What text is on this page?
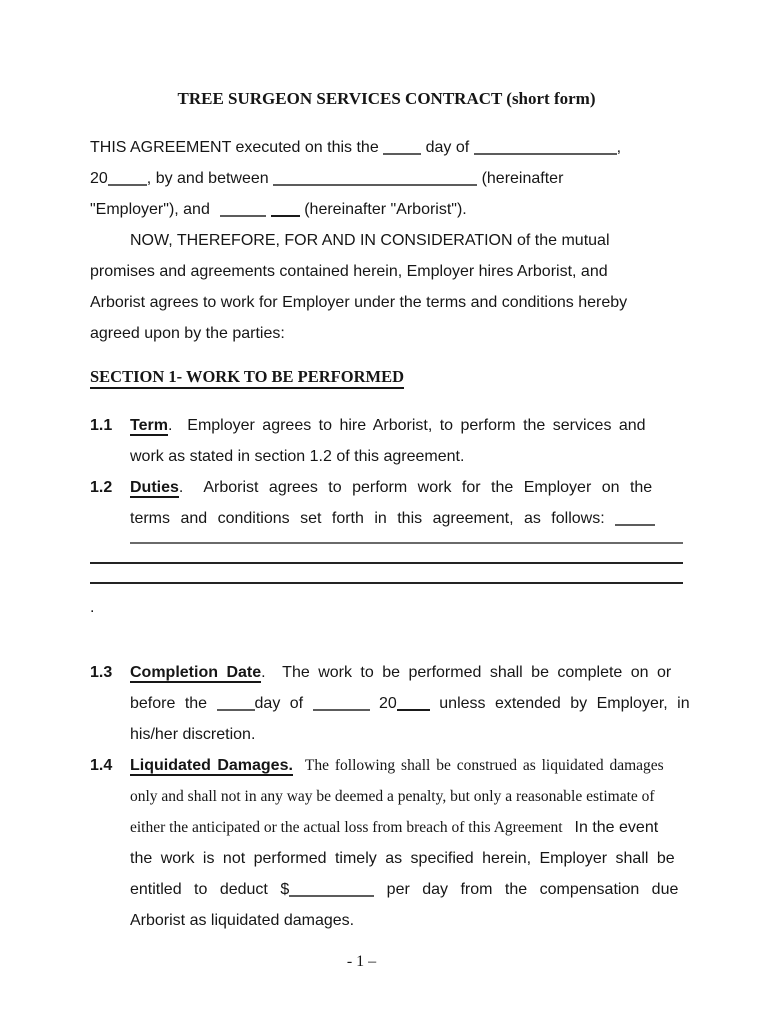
TREE SURGEON SERVICES CONTRACT (short form)
THIS AGREEMENT executed on this the	day of	,
20 , by and between	(hereinafter
"Employer"), and	(hereinafter "Arborist").
NOW, THEREFORE, FOR AND IN CONSIDERATION of the mutual
promises and agreements contained herein, Employer hires Arborist, and
Arborist agrees to work for Employer under the terms and conditions hereby
agreed upon by the parties:
SECTION 1- WORK TO BE PERFORMED
1.1 Term.  Employer agrees to hire Arborist, to perform the services and
work as stated in section 1.2 of this agreement.
1.2 Duties.  Arborist agrees to perform work for the Employer on the
terms and conditions set forth in this agreement, as follows:
.
1.3 Completion Date.  The work to be performed shall be complete on or
before the	day of	20	unless extended by Employer, in
his/her discretion.
1.4 Liquidated Damages. The following shall be construed as liquidated damages
only and shall not in any way be deemed a penalty, but only a reasonable estimate of
either the anticipated or the actual loss from breach of this Agreement In the event
the work is not performed timely as specified herein, Employer shall be
entitled to deduct $	per day from the compensation due
Arborist as liquidated damages.
- 1 –
